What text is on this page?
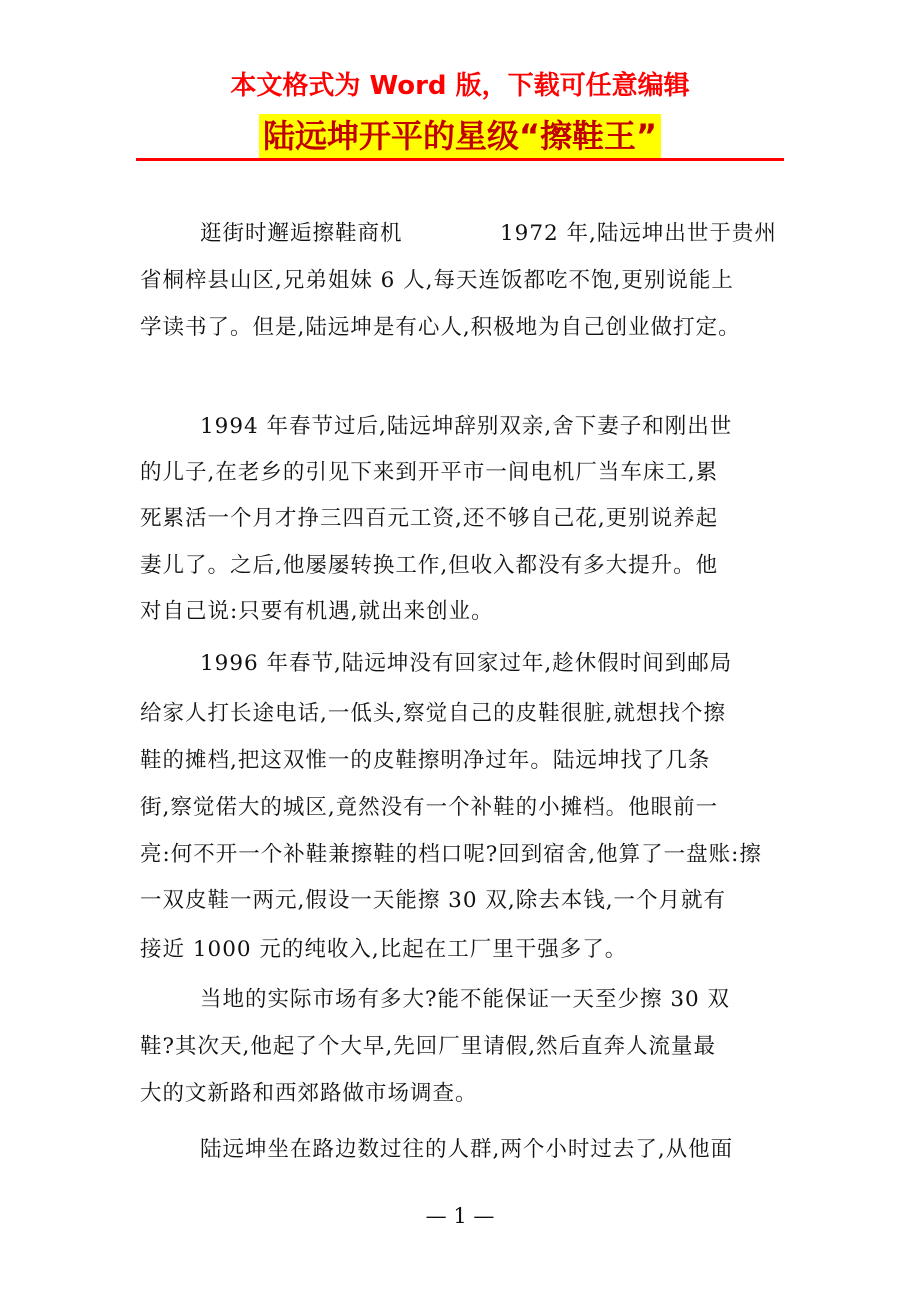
本文格式为 Word 版，下载可任意编辑
陆远坤开平的星级“擦鞋王”
逛街时邂逅擦鞋商机	1972 年,陆远坤出世于贵州
省桐梓县山区,兄弟姐妹 6 人,每天连饭都吃不饱,更别说能上
学读书了。但是,陆远坤是有心人,积极地为自己创业做打定。
1994 年春节过后,陆远坤辞别双亲,舍下妻子和刚出世
的儿子,在老乡的引见下来到开平市一间电机厂当车床工,累
死累活一个月才挣三四百元工资,还不够自己花,更别说养起
妻儿了。之后,他屡屡转换工作,但收入都没有多大提升。他
对自己说:只要有机遇,就出来创业。
1996 年春节,陆远坤没有回家过年,趁休假时间到邮局
给家人打长途电话,一低头,察觉自己的皮鞋很脏,就想找个擦
鞋的摊档,把这双惟一的皮鞋擦明净过年。陆远坤找了几条
街,察觉偌大的城区,竟然没有一个补鞋的小摊档。他眼前一
亮:何不开一个补鞋兼擦鞋的档口呢?回到宿舍,他算了一盘账:擦
一双皮鞋一两元,假设一天能擦 30 双,除去本钱,一个月就有
接近 1000 元的纯收入,比起在工厂里干强多了。
当地的实际市场有多大?能不能保证一天至少擦 30 双
鞋?其次天,他起了个大早,先回厂里请假,然后直奔人流量最
大的文新路和西郊路做市场调查。
陆远坤坐在路边数过往的人群,两个小时过去了,从他面
— 1 —
